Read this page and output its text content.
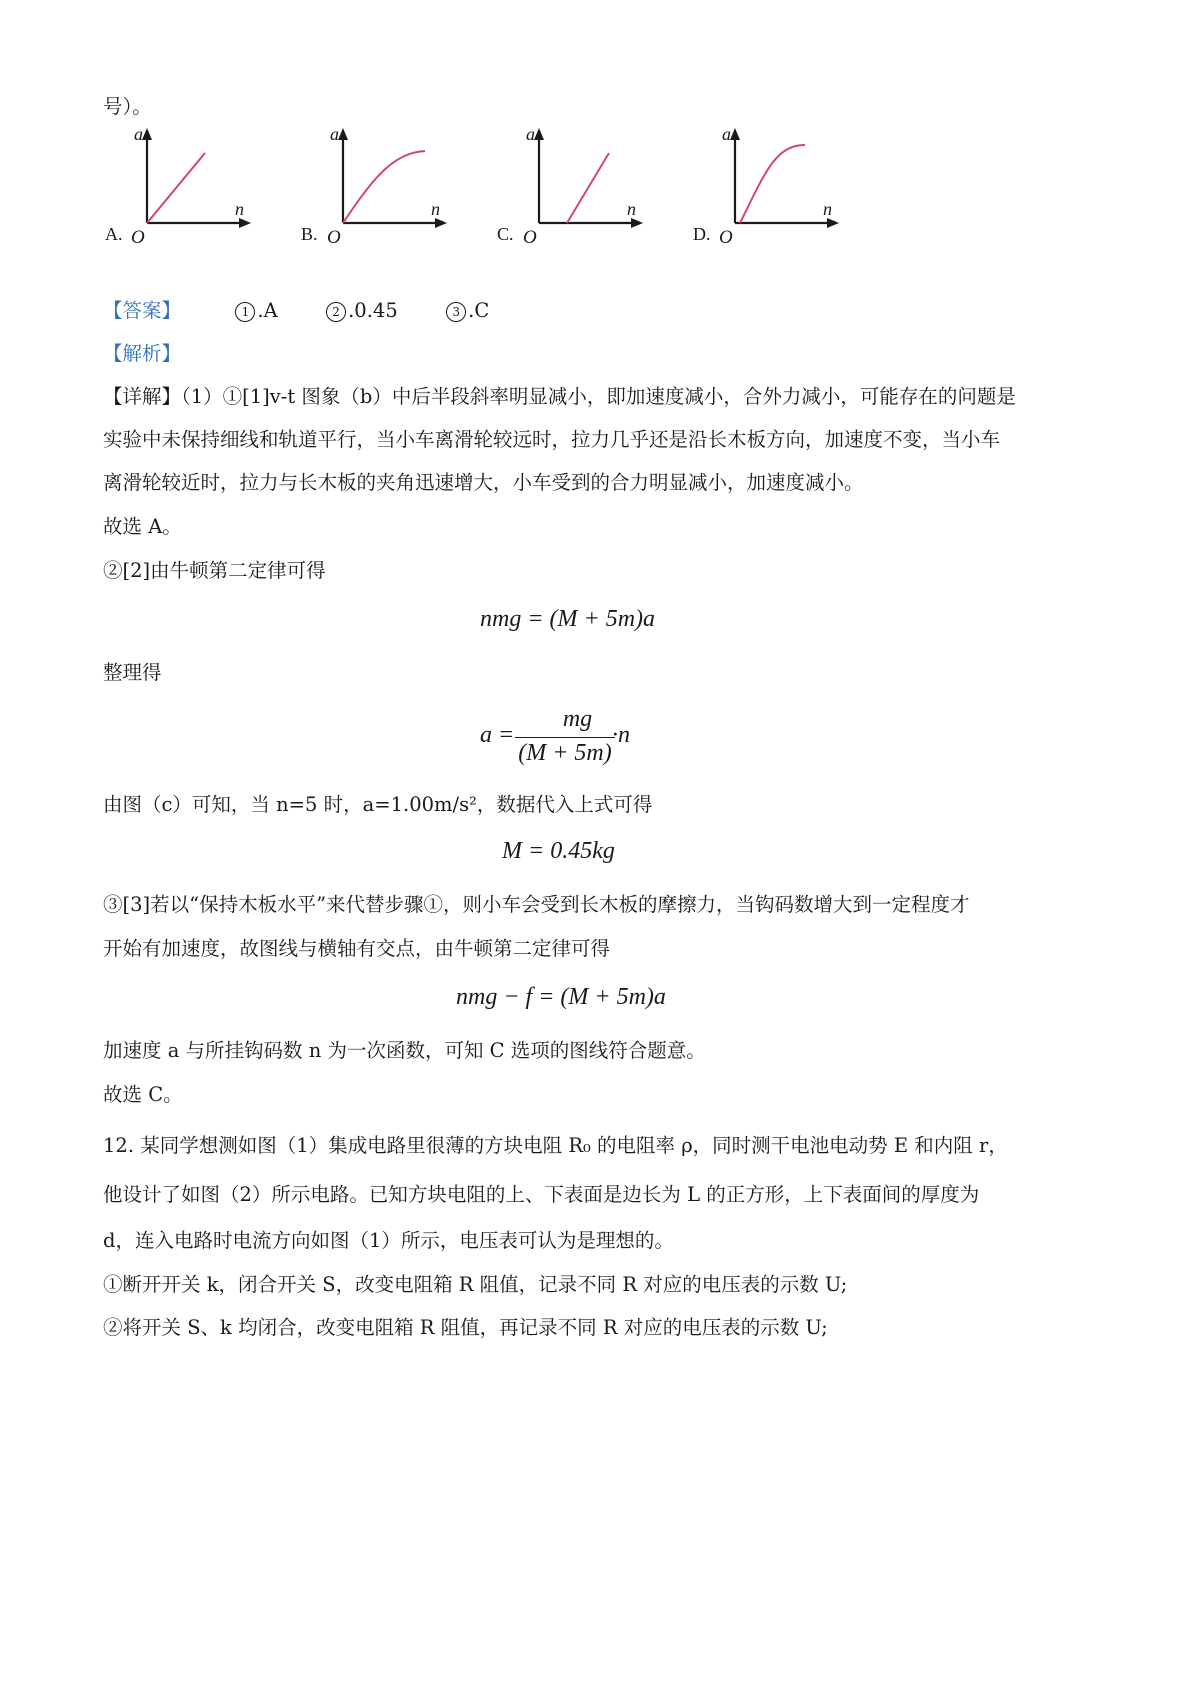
号）。
a
n
A. O
a
n
B. O
a
n
C. O
a
n
D. O
【答案】	1 .A	2 .0.45	3 .C
【解析】
【详解】（1）①[1]v-t 图象（b）中后半段斜率明显减小，即加速度减小，合外力减小，可能存在的问题是
实验中未保持细线和轨道平行，当小车离滑轮较远时，拉力几乎还是沿长木板方向，加速度不变，当小车
离滑轮较近时，拉力与长木板的夹角迅速增大，小车受到的合力明显减小，加速度减小。
故选 A。
②[2]由牛顿第二定律可得
nmg = (M + 5m)a
整理得
a =
mg
(M + 5m)
·n
由图（c）可知，当 n=5 时，a=1.00m/s²，数据代入上式可得
M = 0.45kg
③[3]若以“保持木板水平”来代替步骤①，则小车会受到长木板的摩擦力，当钩码数增大到一定程度才
开始有加速度，故图线与横轴有交点，由牛顿第二定律可得
nmg − f = (M + 5m)a
加速度 a 与所挂钩码数 n 为一次函数，可知 C 选项的图线符合题意。
故选 C。
12. 某同学想测如图（1）集成电路里很薄的方块电阻 R₀ 的电阻率 ρ，同时测干电池电动势 E 和内阻 r，
他设计了如图（2）所示电路。已知方块电阻的上、下表面是边长为 L 的正方形，上下表面间的厚度为
d，连入电路时电流方向如图（1）所示，电压表可认为是理想的。
①断开开关 k，闭合开关 S，改变电阻箱 R 阻值，记录不同 R 对应的电压表的示数 U;
②将开关 S、k 均闭合，改变电阻箱 R 阻值，再记录不同 R 对应的电压表的示数 U;
